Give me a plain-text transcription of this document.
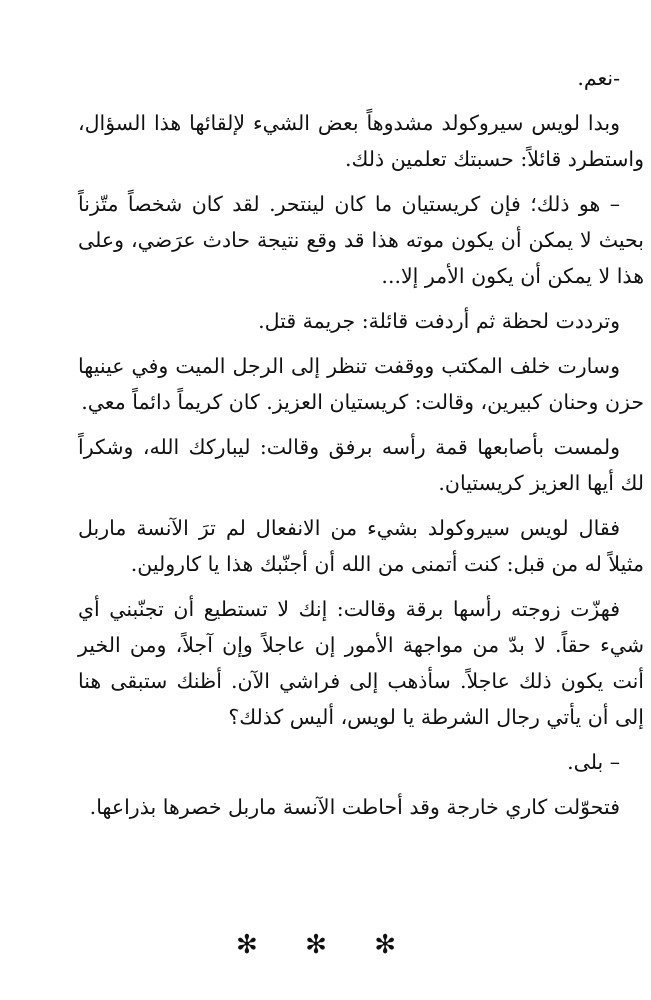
-نعم.

وبدا لويس سيروكولد مشدوهاً بعض الشيء لإلقائها هذا السؤال، واستطرد قائلاً: حسبتك تعلمين ذلك.

– هو ذلك؛ فإن كريستيان ما كان لينتحر. لقد كان شخصاً متّزناً بحيث لا يمكن أن يكون موته هذا قد وقع نتيجة حادث عرَضي، وعلى هذا لا يمكن أن يكون الأمر إلا...

وترددت لحظة ثم أردفت قائلة: جريمة قتل.

وسارت خلف المكتب ووقفت تنظر إلى الرجل الميت وفي عينيها حزن وحنان كبيرين، وقالت: كريستيان العزيز. كان كريماً دائماً معي.

ولمست بأصابعها قمة رأسه برفق وقالت: ليباركك الله، وشكراً لك أيها العزيز كريستيان.

فقال لويس سيروكولد بشيء من الانفعال لم ترَ الآنسة ماربل مثيلاً له من قبل: كنت أتمنى من الله أن أجنّبك هذا يا كارولين.

فهزّت زوجته رأسها برقة وقالت: إنك لا تستطيع أن تجنّبني أي شيء حقاً. لا بدّ من مواجهة الأمور إن عاجلاً وإن آجلاً، ومن الخير أنت يكون ذلك عاجلاً. سأذهب إلى فراشي الآن. أظنك ستبقى هنا إلى أن يأتي رجال الشرطة يا لويس، أليس كذلك؟

– بلى.

فتحوّلت كاري خارجة وقد أحاطت الآنسة ماربل خصرها بذراعها.

✻ ✻ ✻
